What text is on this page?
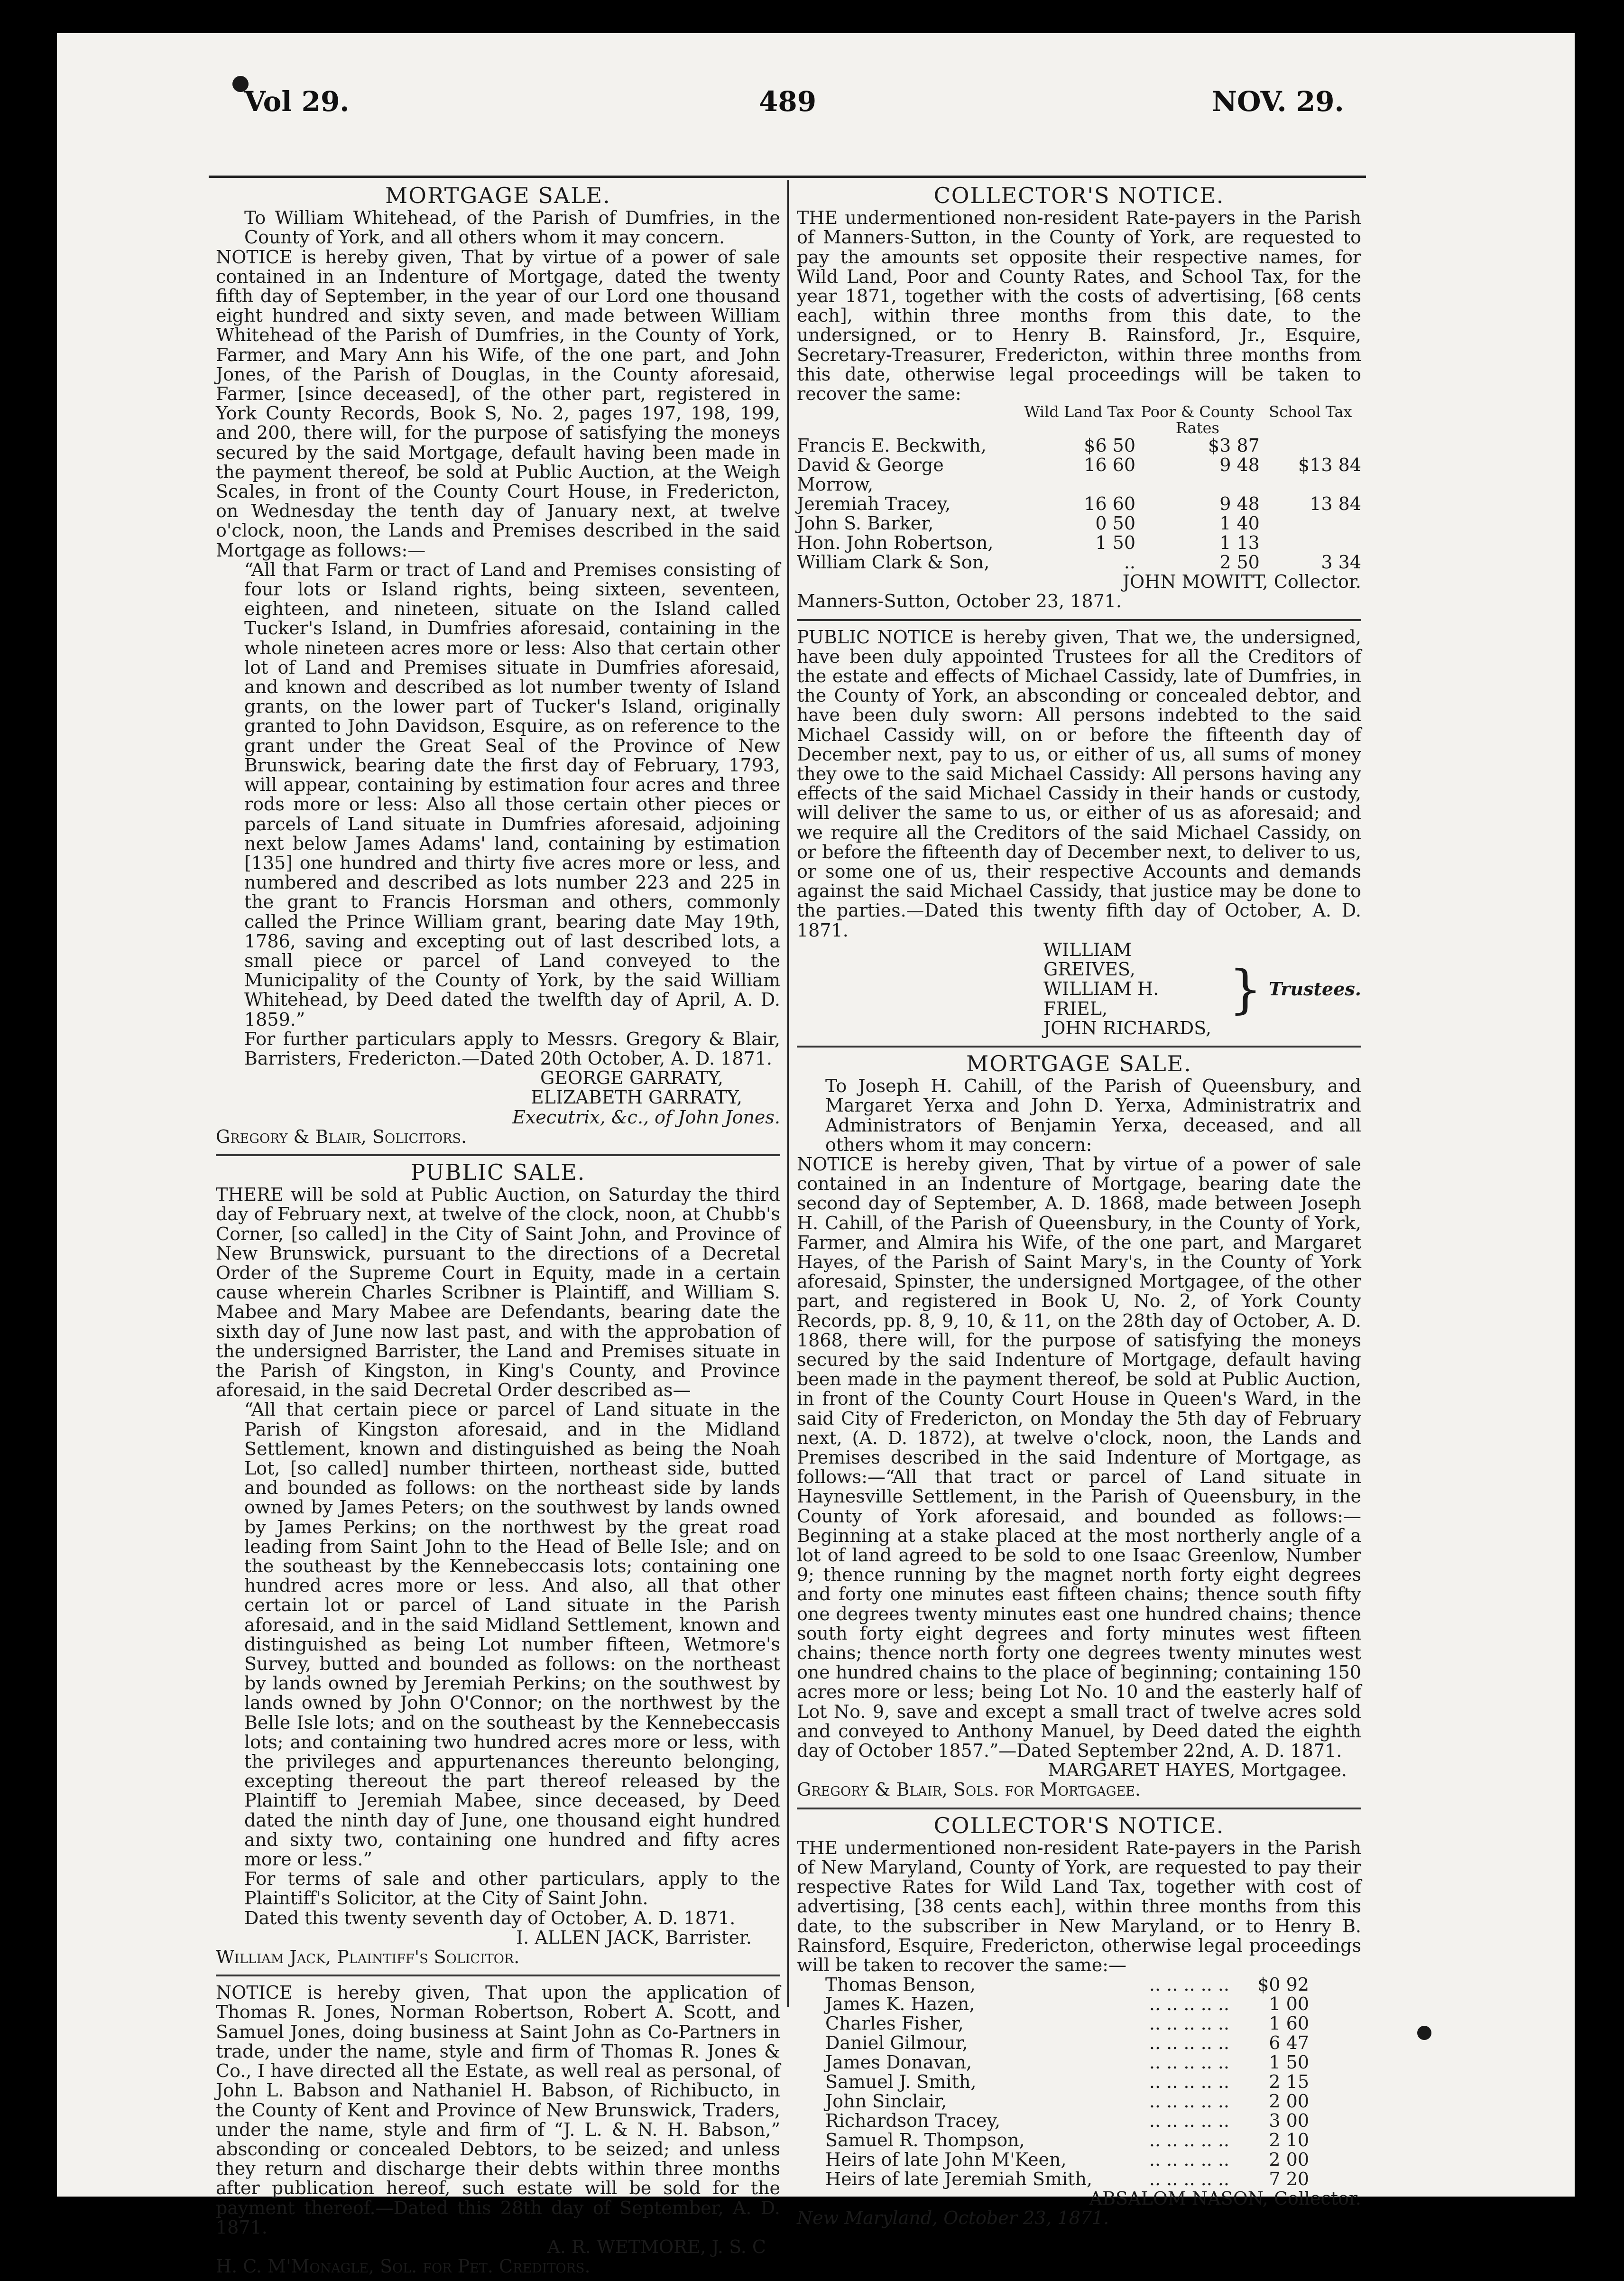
Vol 29.	489	NOV. 29.
MORTGAGE SALE.

To William Whitehead, of the Parish of Dumfries, in the County of York, and all others whom it may concern.

NOTICE is hereby given, That by virtue of a power of sale contained in an Indenture of Mortgage, dated the twenty fifth day of September, in the year of our Lord one thousand eight hundred and sixty seven, and made between William Whitehead of the Parish of Dumfries, in the County of York, Farmer, and Mary Ann his Wife, of the one part, and John Jones, of the Parish of Douglas, in the County aforesaid, Farmer, [since deceased], of the other part, registered in York County Records, Book S, No. 2, pages 197, 198, 199, and 200, there will, for the purpose of satisfying the moneys secured by the said Mortgage, default having been made in the payment thereof, be sold at Public Auction, at the Weigh Scales, in front of the County Court House, in Fredericton, on Wednesday the tenth day of January next, at twelve o'clock, noon, the Lands and Premises described in the said Mortgage as follows:—

“All that Farm or tract of Land and Premises consisting of four lots or Island rights, being sixteen, seventeen, eighteen, and nineteen, situate on the Island called Tucker's Island, in Dumfries aforesaid, containing in the whole nineteen acres more or less: Also that certain other lot of Land and Premises situate in Dumfries aforesaid, and known and described as lot number twenty of Island grants, on the lower part of Tucker's Island, originally granted to John Davidson, Esquire, as on reference to the grant under the Great Seal of the Province of New Brunswick, bearing date the first day of February, 1793, will appear, containing by estimation four acres and three rods more or less: Also all those certain other pieces or parcels of Land situate in Dumfries aforesaid, adjoining next below James Adams' land, containing by estimation [135] one hundred and thirty five acres more or less, and numbered and described as lots number 223 and 225 in the grant to Francis Horsman and others, commonly called the Prince William grant, bearing date May 19th, 1786, saving and excepting out of last described lots, a small piece or parcel of Land conveyed to the Municipality of the County of York, by the said William Whitehead, by Deed dated the twelfth day of April, A. D. 1859.”

For further particulars apply to Messrs. Gregory & Blair, Barristers, Fredericton.—Dated 20th October, A. D. 1871.

GEORGE GARRATY,
ELIZABETH GARRATY,
Executrix, &c., of John Jones.
Gregory & Blair, Solicitors.
PUBLIC SALE.

THERE will be sold at Public Auction, on Saturday the third day of February next, at twelve of the clock, noon, at Chubb's Corner, [so called] in the City of Saint John, and Province of New Brunswick, pursuant to the directions of a Decretal Order of the Supreme Court in Equity, made in a certain cause wherein Charles Scribner is Plaintiff, and William S. Mabee and Mary Mabee are Defendants, bearing date the sixth day of June now last past, and with the approbation of the undersigned Barrister, the Land and Premises situate in the Parish of Kingston, in King's County, and Province aforesaid, in the said Decretal Order described as—

“All that certain piece or parcel of Land situate in the Parish of Kingston aforesaid, and in the Midland Settlement, known and distinguished as being the Noah Lot, [so called] number thirteen, northeast side, butted and bounded as follows: on the northeast side by lands owned by James Peters; on the southwest by lands owned by James Perkins; on the northwest by the great road leading from Saint John to the Head of Belle Isle; and on the southeast by the Kennebeccasis lots; containing one hundred acres more or less. And also, all that other certain lot or parcel of Land situate in the Parish aforesaid, and in the said Midland Settlement, known and distinguished as being Lot number fifteen, Wetmore's Survey, butted and bounded as follows: on the northeast by lands owned by Jeremiah Perkins; on the southwest by lands owned by John O'Connor; on the northwest by the Belle Isle lots; and on the southeast by the Kennebeccasis lots; and containing two hundred acres more or less, with the privileges and appurtenances thereunto belonging, excepting thereout the part thereof released by the Plaintiff to Jeremiah Mabee, since deceased, by Deed dated the ninth day of June, one thousand eight hundred and sixty two, containing one hundred and fifty acres more or less.”

For terms of sale and other particulars, apply to the Plaintiff's Solicitor, at the City of Saint John.

Dated this twenty seventh day of October, A. D. 1871.

I. ALLEN JACK, Barrister.
William Jack, Plaintiff's Solicitor.

NOTICE is hereby given, That upon the application of Thomas R. Jones, Norman Robertson, Robert A. Scott, and Samuel Jones, doing business at Saint John as Co-Partners in trade, under the name, style and firm of Thomas R. Jones & Co., I have directed all the Estate, as well real as personal, of John L. Babson and Nathaniel H. Babson, of Richibucto, in the County of Kent and Province of New Brunswick, Traders, under the name, style and firm of “J. L. & N. H. Babson,” absconding or concealed Debtors, to be seized; and unless they return and discharge their debts within three months after publication hereof, such estate will be sold for the payment thereof.—Dated this 28th day of September, A. D. 1871.

A. R. WETMORE, J. S. C
H. C. M'Monagle, Sol. for Pet. Creditors.
COLLECTOR'S NOTICE.

THE undermentioned non-resident Rate-payers in the Parish of Manners-Sutton, in the County of York, are requested to pay the amounts set opposite their respective names, for Wild Land, Poor and County Rates, and School Tax, for the year 1871, together with the costs of advertising, [68 cents each], within three months from this date, to the undersigned, or to Henry B. Rainsford, Jr., Esquire, Secretary-Treasurer, Fredericton, within three months from this date, otherwise legal proceedings will be taken to recover the same:

	Wild Land Tax	Poor & County Rates	School Tax
Francis E. Beckwith,	$6 50	$3 87	
David & George Morrow,	16 60	9 48	$13 84
Jeremiah Tracey,	16 60	9 48	13 84
John S. Barker,	0 50	1 40	
Hon. John Robertson,	1 50	1 13	
William Clark & Son,	..	2 50	3 34
JOHN MOWITT, Collector.
Manners-Sutton, October 23, 1871.

PUBLIC NOTICE is hereby given, That we, the undersigned, have been duly appointed Trustees for all the Creditors of the estate and effects of Michael Cassidy, late of Dumfries, in the County of York, an absconding or concealed debtor, and have been duly sworn: All persons indebted to the said Michael Cassidy will, on or before the fifteenth day of December next, pay to us, or either of us, all sums of money they owe to the said Michael Cassidy: All persons having any effects of the said Michael Cassidy in their hands or custody, will deliver the same to us, or either of us as aforesaid; and we require all the Creditors of the said Michael Cassidy, on or before the fifteenth day of December next, to deliver to us, or some one of us, their respective Accounts and demands against the said Michael Cassidy, that justice may be done to the parties.—Dated this twenty fifth day of October, A. D. 1871.

WILLIAM GREIVES,
WILLIAM H. FRIEL,
JOHN RICHARDS,
} Trustees.
MORTGAGE SALE.

To Joseph H. Cahill, of the Parish of Queensbury, and Margaret Yerxa and John D. Yerxa, Administratrix and Administrators of Benjamin Yerxa, deceased, and all others whom it may concern:

NOTICE is hereby given, That by virtue of a power of sale contained in an Indenture of Mortgage, bearing date the second day of September, A. D. 1868, made between Joseph H. Cahill, of the Parish of Queensbury, in the County of York, Farmer, and Almira his Wife, of the one part, and Margaret Hayes, of the Parish of Saint Mary's, in the County of York aforesaid, Spinster, the undersigned Mortgagee, of the other part, and registered in Book U, No. 2, of York County Records, pp. 8, 9, 10, & 11, on the 28th day of October, A. D. 1868, there will, for the purpose of satisfying the moneys secured by the said Indenture of Mortgage, default having been made in the payment thereof, be sold at Public Auction, in front of the County Court House in Queen's Ward, in the said City of Fredericton, on Monday the 5th day of February next, (A. D. 1872), at twelve o'clock, noon, the Lands and Premises described in the said Indenture of Mortgage, as follows:—“All that tract or parcel of Land situate in Haynesville Settlement, in the Parish of Queensbury, in the County of York aforesaid, and bounded as follows:—Beginning at a stake placed at the most northerly angle of a lot of land agreed to be sold to one Isaac Greenlow, Number 9; thence running by the magnet north forty eight degrees and forty one minutes east fifteen chains; thence south fifty one degrees twenty minutes east one hundred chains; thence south forty eight degrees and forty minutes west fifteen chains; thence north forty one degrees twenty minutes west one hundred chains to the place of beginning; containing 150 acres more or less; being Lot No. 10 and the easterly half of Lot No. 9, save and except a small tract of twelve acres sold and conveyed to Anthony Manuel, by Deed dated the eighth day of October 1857.”—Dated September 22nd, A. D. 1871.

MARGARET HAYES, Mortgagee.
Gregory & Blair, Sols. for Mortgagee.
COLLECTOR'S NOTICE.

THE undermentioned non-resident Rate-payers in the Parish of New Maryland, County of York, are requested to pay their respective Rates for Wild Land Tax, together with cost of advertising, [38 cents each], within three months from this date, to the subscriber in New Maryland, or to Henry B. Rainsford, Esquire, Fredericton, otherwise legal proceedings will be taken to recover the same:—

Thomas Benson,	.. .. .. .. ..	$0 92
James K. Hazen,	.. .. .. .. ..	1 00
Charles Fisher,	.. .. .. .. ..	1 60
Daniel Gilmour,	.. .. .. .. ..	6 47
James Donavan,	.. .. .. .. ..	1 50
Samuel J. Smith,	.. .. .. .. ..	2 15
John Sinclair,	.. .. .. .. ..	2 00
Richardson Tracey,	.. .. .. .. ..	3 00
Samuel R. Thompson,	.. .. .. .. ..	2 10
Heirs of late John M'Keen,	.. .. .. .. ..	2 00
Heirs of late Jeremiah Smith,	.. .. .. .. ..	7 20
ABSALOM NASON, Collector.
New Maryland, October 23, 1871.
